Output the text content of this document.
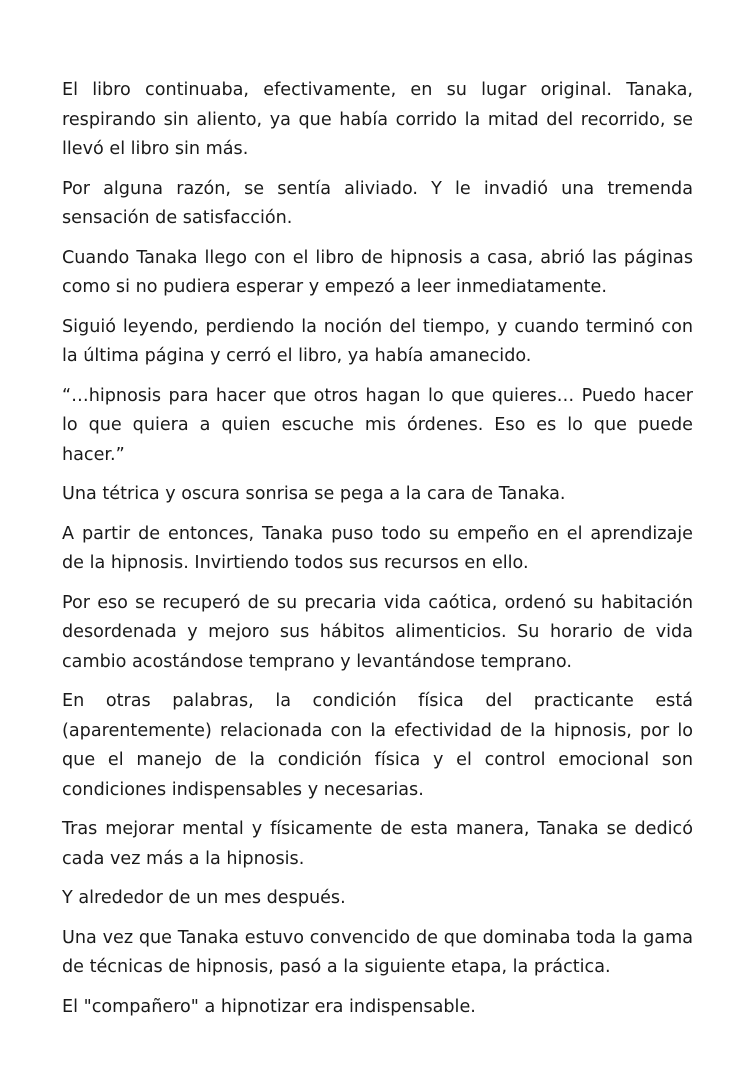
El libro continuaba, efectivamente, en su lugar original. Tanaka, respirando sin aliento, ya que había corrido la mitad del recorrido, se llevó el libro sin más.

Por alguna razón, se sentía aliviado. Y le invadió una tremenda sensación de satisfacción.

Cuando Tanaka llego con el libro de hipnosis a casa, abrió las páginas como si no pudiera esperar y empezó a leer inmediatamente.

Siguió leyendo, perdiendo la noción del tiempo, y cuando terminó con la última página y cerró el libro, ya había amanecido.

“…hipnosis para hacer que otros hagan lo que quieres… Puedo hacer lo que quiera a quien escuche mis órdenes. Eso es lo que puede hacer.”

Una tétrica y oscura sonrisa se pega a la cara de Tanaka.

A partir de entonces, Tanaka puso todo su empeño en el aprendizaje de la hipnosis. Invirtiendo todos sus recursos en ello.

Por eso se recuperó de su precaria vida caótica, ordenó su habitación desordenada y mejoro sus hábitos alimenticios. Su horario de vida cambio acostándose temprano y levantándose temprano.

En otras palabras, la condición física del practicante está (aparentemente) relacionada con la efectividad de la hipnosis, por lo que el manejo de la condición física y el control emocional son condiciones indispensables y necesarias.

Tras mejorar mental y físicamente de esta manera, Tanaka se dedicó cada vez más a la hipnosis.

Y alrededor de un mes después.

Una vez que Tanaka estuvo convencido de que dominaba toda la gama de técnicas de hipnosis, pasó a la siguiente etapa, la práctica.

El "compañero" a hipnotizar era indispensable.
